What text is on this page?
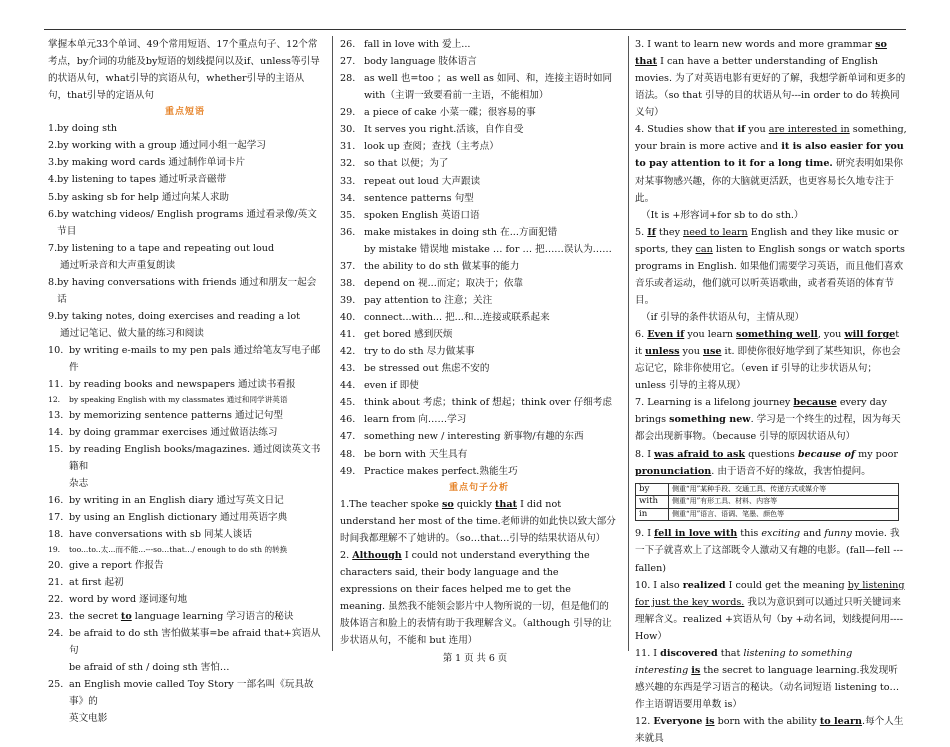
掌握本单元33个单词、49个常用短语、17个重点句子、12个常考点，by介词的功能及by短语的划线提问以及if、unless等引导的状语从句，what引导的宾语从句，whether引导的主语从句，that引导的定语从句

重点短语

1. by doing sth
2. by working with a group 通过同小组一起学习
3. by making word cards 通过制作单词卡片
4. by listening to tapes 通过听录音磁带
5. by asking sb for help 通过向某人求助
6. by watching videos/ English programs 通过看录像/英文节目
7. by listening to a tape and repeating out loud
通过听录音和大声重复朗读
8. by having conversations with friends 通过和朋友一起会话
9. by taking notes, doing exercises and reading a lot
通过记笔记、做大量的练习和阅读
10. by writing e-mails to my pen pals 通过给笔友写电子邮件
11. by reading books and newspapers 通过读书看报
12.	by speaking English with my classmates 通过和同学讲英语
13. by memorizing sentence patterns 通过记句型
14. by doing grammar exercises 通过做语法练习
15. by reading English books/magazines. 通过阅读英文书籍和
杂志
16. by writing in an English diary 通过写英文日记
17. by using an English dictionary 通过用英语字典
18. have conversations with sb 同某人谈话
19.	too...to..太...而不能...---so…that…/ enough to do sth 的转换
20. give a report 作报告
21. at first 起初
22. word by word 逐词逐句地
23. the secret to language learning 学习语言的秘诀
24. be afraid to do sth 害怕做某事=be afraid that+宾语从句
be afraid of sth / doing sth 害怕…
25. an English movie called Toy Story 一部名叫《玩具故事》的
英文电影
26. fall in love with 爱上...
27. body language 肢体语言
28. as well 也=too ；as well as 如同、和，连接主语时如同
with（主谓一致要看前一主语，不能相加）
29. a piece of cake 小菜一碟；很容易的事
30. It serves you right.活该，自作自受
31. look up 查阅；查找（主考点）
32. so that 以便；为了
33. repeat out loud 大声跟读
34. sentence patterns 句型
35. spoken English 英语口语
36. make mistakes in doing sth 在...方面犯错
by mistake 错误地 mistake … for … 把……误认为……
37. the ability to do sth 做某事的能力
38. depend on 视...而定；取决于；依靠
39. pay attention to 注意；关注
40. connect...with... 把...和...连接或联系起来
41. get bored 感到厌烦
42. try to do sth 尽力做某事
43. be stressed out 焦虑不安的
44. even if 即使
45. think about 考虑；think of 想起；think over 仔细考虑
46. learn from 向……学习
47. something new / interesting 新事物/有趣的东西
48. be born with 天生具有
49. Practice makes perfect.熟能生巧

重点句子分析

1.The teacher spoke so quickly that I did not understand her most of the time.老师讲的如此快以致大部分时间我都理解不了她讲的。（so…that…引导的结果状语从句）

2. Although I could not understand everything the characters said, their body language and the expressions on their faces helped me to get the meaning. 虽然我不能领会影片中人物所说的一切，但是他们的肢体语言和脸上的表情有助于我理解含义。（although 引导的让步状语从句，不能和 but 连用）

3. I want to learn new words and more grammar so that I can have a better understanding of English movies. 为了对英语电影有更好的了解，我想学新单词和更多的语法。（so that 引导的目的状语从句---in order to do 转换同义句）

4. Studies show that if you are interested in something, your brain is more active and it is also easier for you to pay attention to it for a long time. 研究表明如果你对某事物感兴趣，你的大脑就更活跃，也更容易长久地专注于此。

（It is +形容词+for sb to do sth.）

5. If they need to learn English and they like music or sports, they can listen to English songs or watch sports programs in English. 如果他们需要学习英语，而且他们喜欢音乐或者运动，他们就可以听英语歌曲，或者看英语的体育节目。

（if 引导的条件状语从句，主情从现）

6. Even if you learn something well, you will forget it unless you use it. 即使你很好地学到了某些知识，你也会忘记它，除非你使用它。（even if 引导的让步状语从句；unless 引导的主将从现）

7. Learning is a lifelong journey because every day brings something new. 学习是一个终生的过程，因为每天都会出现新事物。（because 引导的原因状语从句）

8. I was afraid to ask questions because of my poor pronunciation. 由于语音不好的缘故，我害怕提问。

by	侧重“用”某种手段、交通工具、传递方式或媒介等
with	侧重“用”有形工具、材料、内容等
in	侧重“用”语言、语调、笔墨、颜色等

9. I fell in love with this exciting and funny movie. 我一下子就喜欢上了这部既令人激动又有趣的电影。(fall—fell ---fallen)

10. I also realized I could get the meaning by listening for just the key words. 我以为意识到可以通过只听关键词来理解含义。realized +宾语从句（by +动名词，划线提问用----How）

11. I discovered that listening to something interesting is the secret to language learning.我发现听感兴趣的东西是学习语言的秘诀。（动名词短语 listening to…作主语谓语要用单数 is）

12. Everyone is born with the ability to learn.每个人生来就具

第 1 页 共 6 页
